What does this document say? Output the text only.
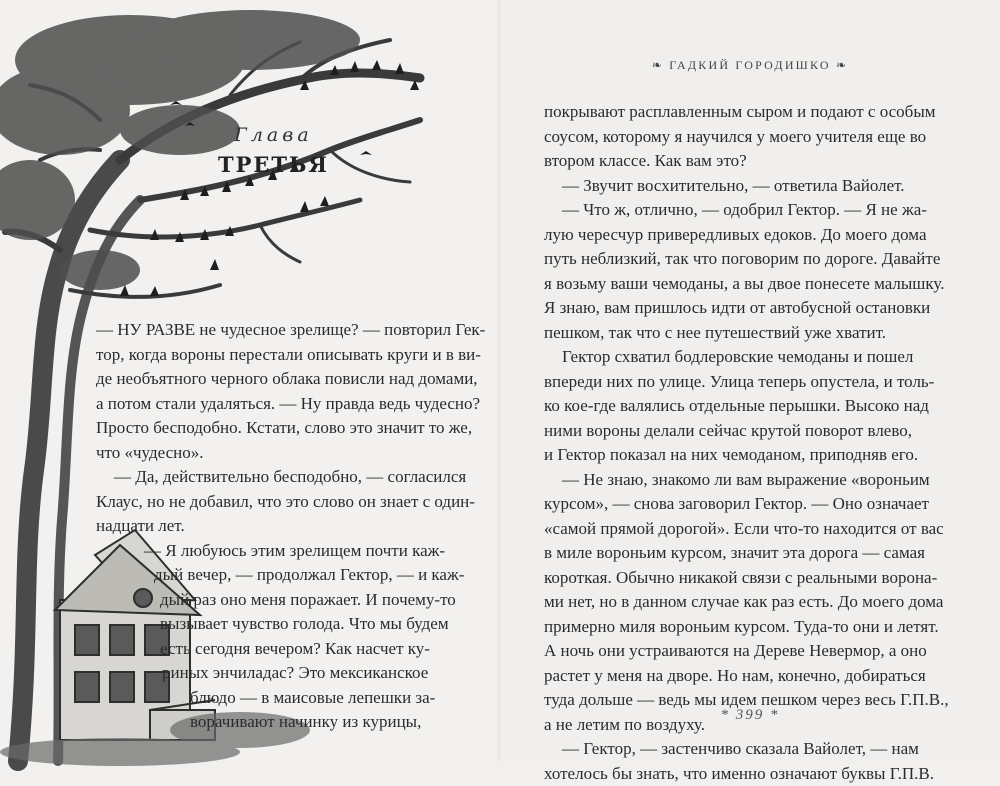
Глава
ТРЕТЬЯ
— НУ РАЗВЕ не чудесное зрелище? — повторил Гек-
тор, когда вороны перестали описывать круги и в ви-
де необъятного черного облака повисли над домами,
а потом стали удаляться. — Ну правда ведь чудесно?
Просто бесподобно. Кстати, слово это значит то же,
что «чудесно».
— Да, действительно бесподобно, — согласился
Клаус, но не добавил, что это слово он знает с один-
надцати лет.
— Я любуюсь этим зрелищем почти каж-
дый вечер, — продолжал Гектор, — и каж-
дый раз оно меня поражает. И почему-то
вызывает чувство голода. Что мы будем
есть сегодня вечером? Как насчет ку-
риных энчиладас? Это мексиканское
блюдо — в маисовые лепешки за-
ворачивают начинку из курицы,
❧ ГАДКИЙ ГОРОДИШКО ❧
покрывают расплавленным сыром и подают с особым
соусом, которому я научился у моего учителя еще во
втором классе. Как вам это?
— Звучит восхитительно, — ответила Вайолет.
— Что ж, отлично, — одобрил Гектор. — Я не жа-
лую чересчур привередливых едоков. До моего дома
путь неблизкий, так что поговорим по дороге. Давайте
я возьму ваши чемоданы, а вы двое понесете малышку.
Я знаю, вам пришлось идти от автобусной остановки
пешком, так что с нее путешествий уже хватит.
Гектор схватил бодлеровские чемоданы и пошел
впереди них по улице. Улица теперь опустела, и толь-
ко кое-где валялись отдельные перышки. Высоко над
ними вороны делали сейчас крутой поворот влево,
и Гектор показал на них чемоданом, приподняв его.
— Не знаю, знакомо ли вам выражение «вороньим
курсом», — снова заговорил Гектор. — Оно означает
«самой прямой дорогой». Если что-то находится от вас
в миле вороньим курсом, значит эта дорога — самая
короткая. Обычно никакой связи с реальными воронa-
ми нет, но в данном случае как раз есть. До моего дома
примерно миля вороньим курсом. Туда-то они и летят.
А ночь они устраиваются на Дереве Невермор, а оно
растет у меня на дворе. Но нам, конечно, добираться
туда дольше — ведь мы идем пешком через весь Г.П.В.,
а не летим по воздуху.
— Гектор, — застенчиво сказала Вайолет, — нам
хотелось бы знать, что именно означают буквы Г.П.В.
* 399 *
